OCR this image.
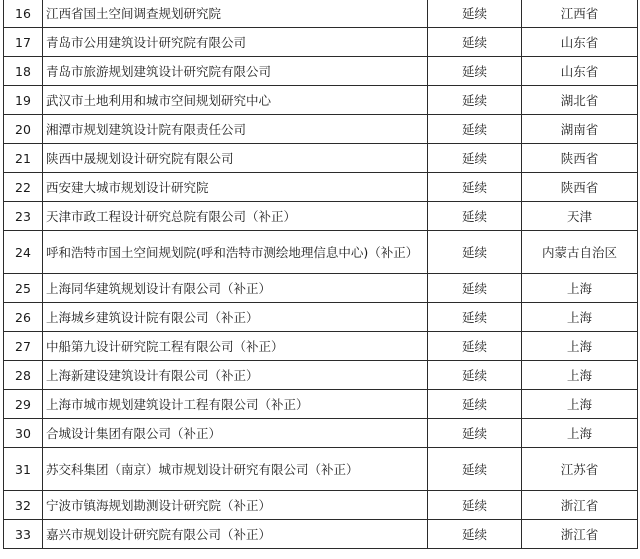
16	江西省国土空间调查规划研究院	延续	江西省
17	青岛市公用建筑设计研究院有限公司	延续	山东省
18	青岛市旅游规划建筑设计研究院有限公司	延续	山东省
19	武汉市土地利用和城市空间规划研究中心	延续	湖北省
20	湘潭市规划建筑设计院有限责任公司	延续	湖南省
21	陕西中晟规划设计研究院有限公司	延续	陕西省
22	西安建大城市规划设计研究院	延续	陕西省
23	天津市政工程设计研究总院有限公司（补正）	延续	天津
24	呼和浩特市国土空间规划院(呼和浩特市测绘地理信息中心)（补正）	延续	内蒙古自治区
25	上海同华建筑规划设计有限公司（补正）	延续	上海
26	上海城乡建筑设计院有限公司（补正）	延续	上海
27	中船第九设计研究院工程有限公司（补正）	延续	上海
28	上海新建设建筑设计有限公司（补正）	延续	上海
29	上海市城市规划建筑设计工程有限公司（补正）	延续	上海
30	合城设计集团有限公司（补正）	延续	上海
31	苏交科集团（南京）城市规划设计研究有限公司（补正）	延续	江苏省
32	宁波市镇海规划勘测设计研究院（补正）	延续	浙江省
33	嘉兴市规划设计研究院有限公司（补正）	延续	浙江省
